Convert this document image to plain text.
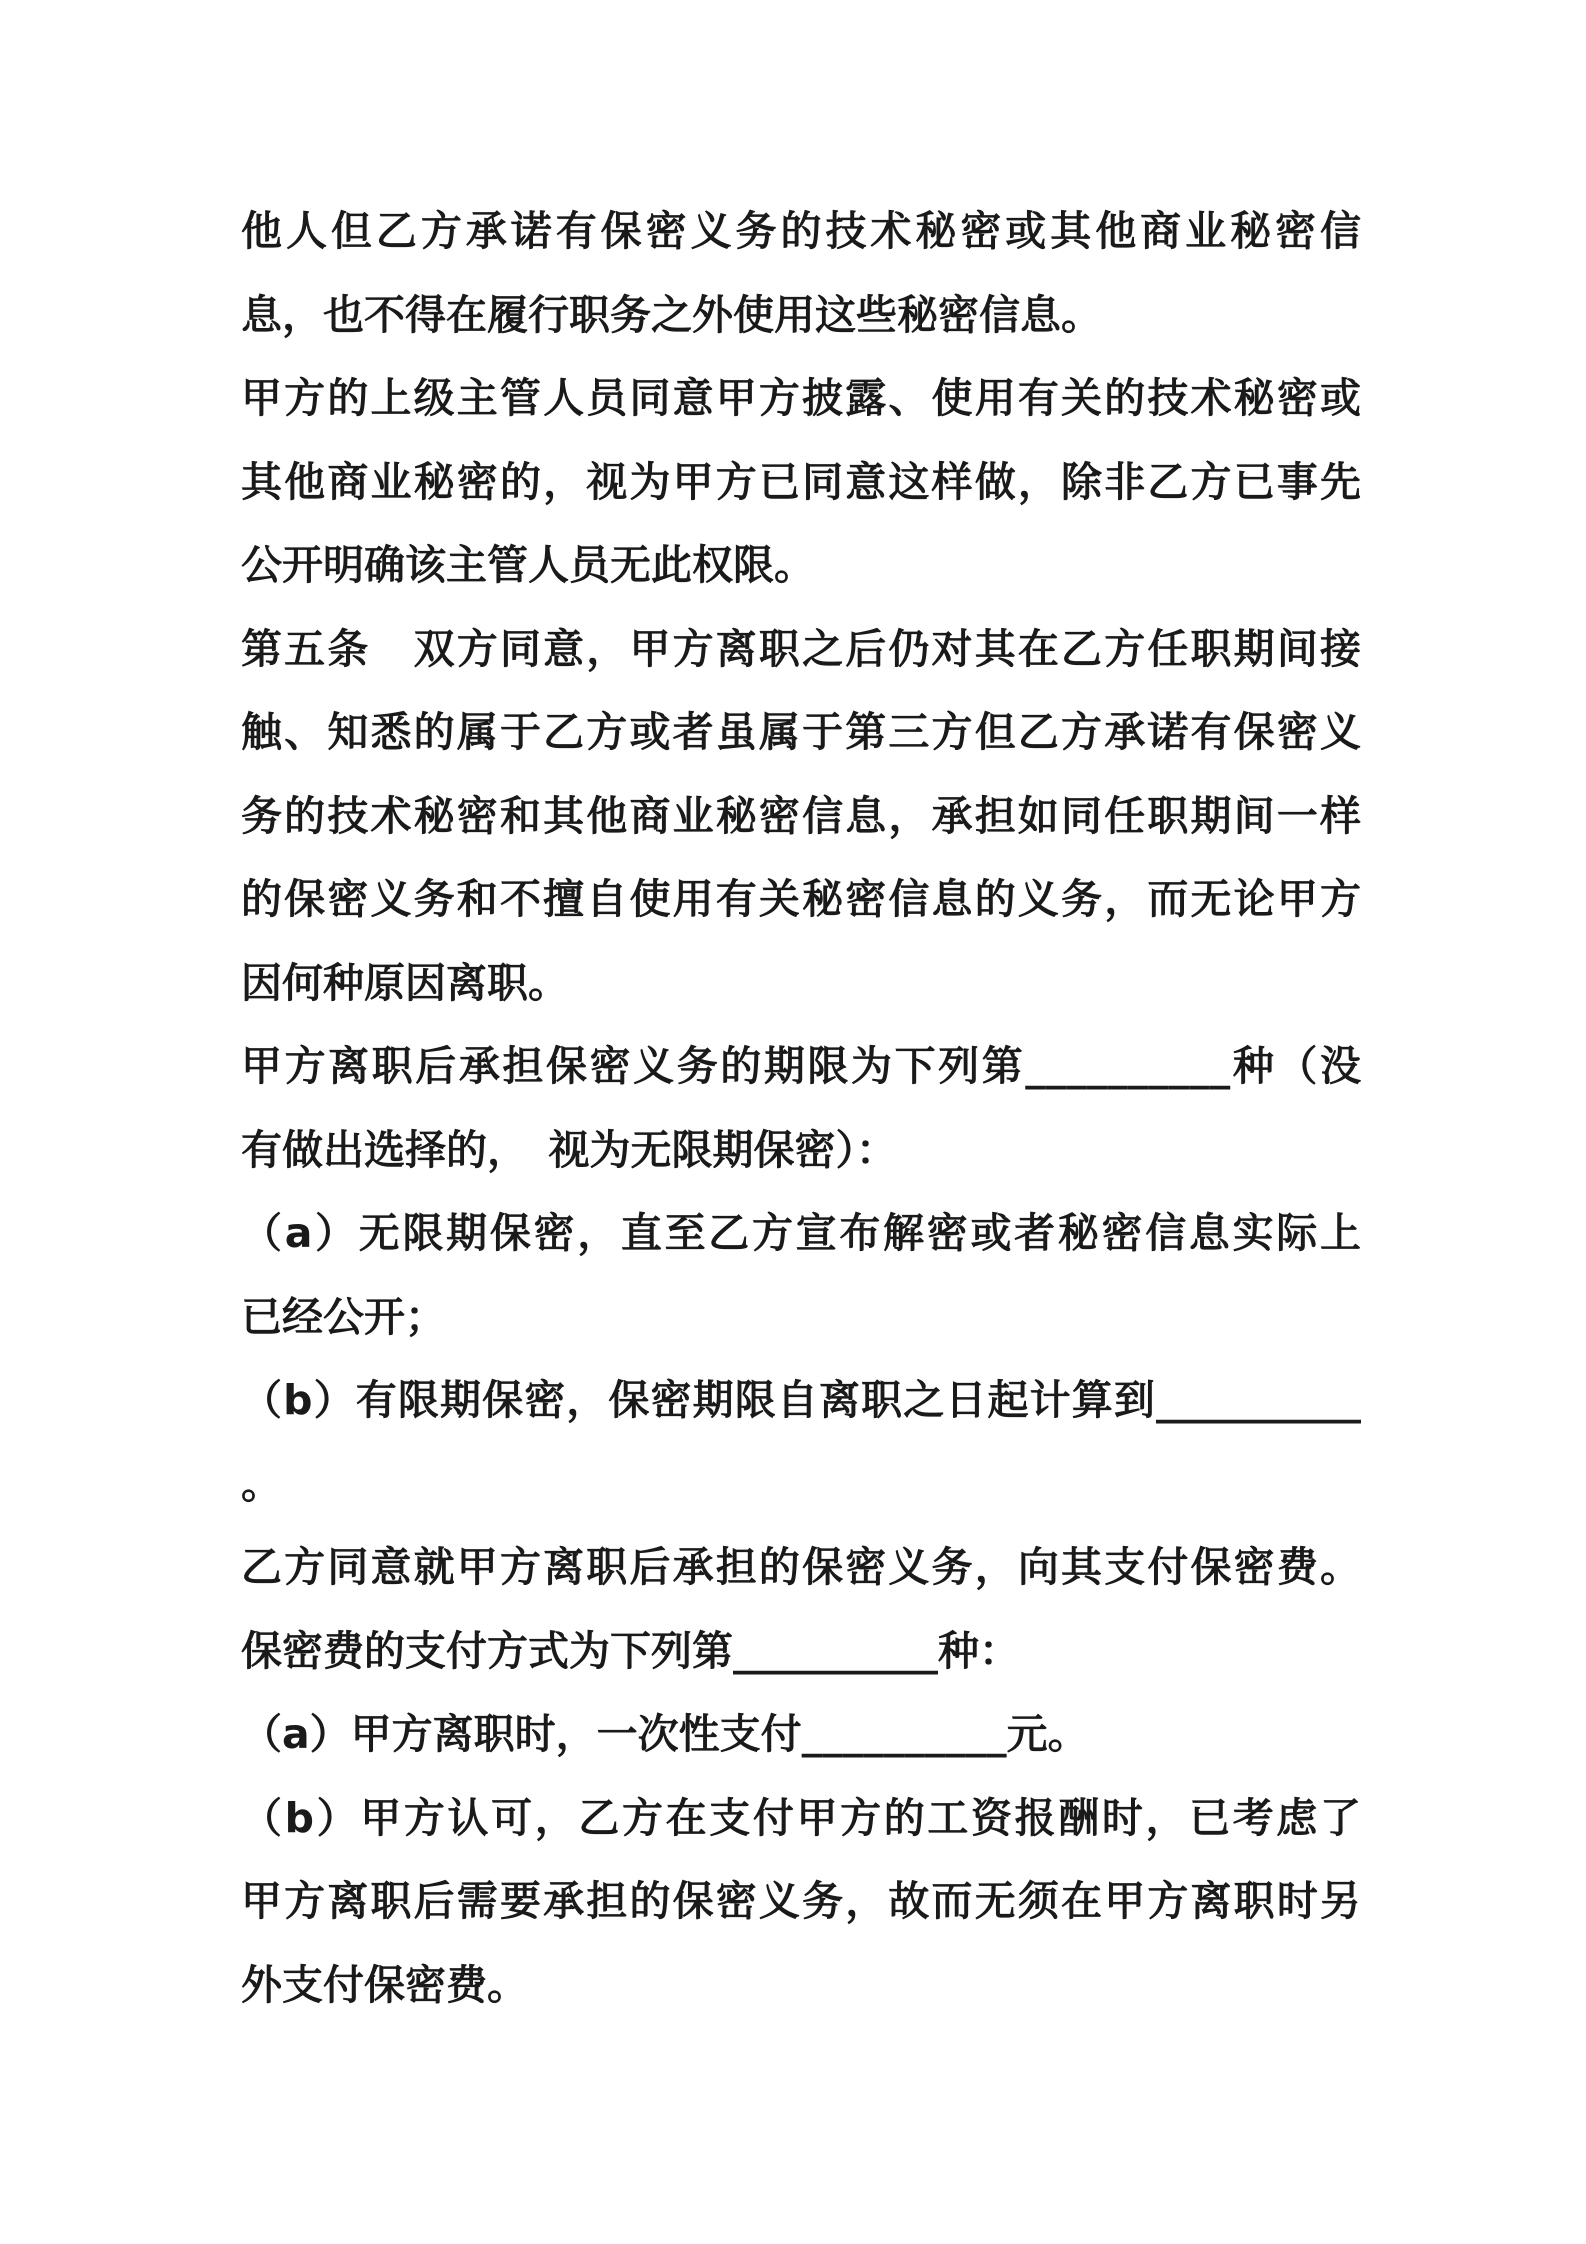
他人但乙方承诺有保密义务的技术秘密或其他商业秘密信
息，也不得在履行职务之外使用这些秘密信息。
甲方的上级主管人员同意甲方披露、使用有关的技术秘密或
其他商业秘密的，视为甲方已同意这样做，除非乙方已事先
公开明确该主管人员无此权限。
第五条　双方同意，甲方离职之后仍对其在乙方任职期间接
触、知悉的属于乙方或者虽属于第三方但乙方承诺有保密义
务的技术秘密和其他商业秘密信息，承担如同任职期间一样
的保密义务和不擅自使用有关秘密信息的义务，而无论甲方
因何种原因离职。
甲方离职后承担保密义务的期限为下列第__________种（没
有做出选择的，　视为无限期保密）：
（a）无限期保密，直至乙方宣布解密或者秘密信息实际上
已经公开；
（b）有限期保密，保密期限自离职之日起计算到__________
。
乙方同意就甲方离职后承担的保密义务，向其支付保密费。
保密费的支付方式为下列第__________种：
（a）甲方离职时，一次性支付__________元。
（b）甲方认可，乙方在支付甲方的工资报酬时，已考虑了
甲方离职后需要承担的保密义务，故而无须在甲方离职时另
外支付保密费。
